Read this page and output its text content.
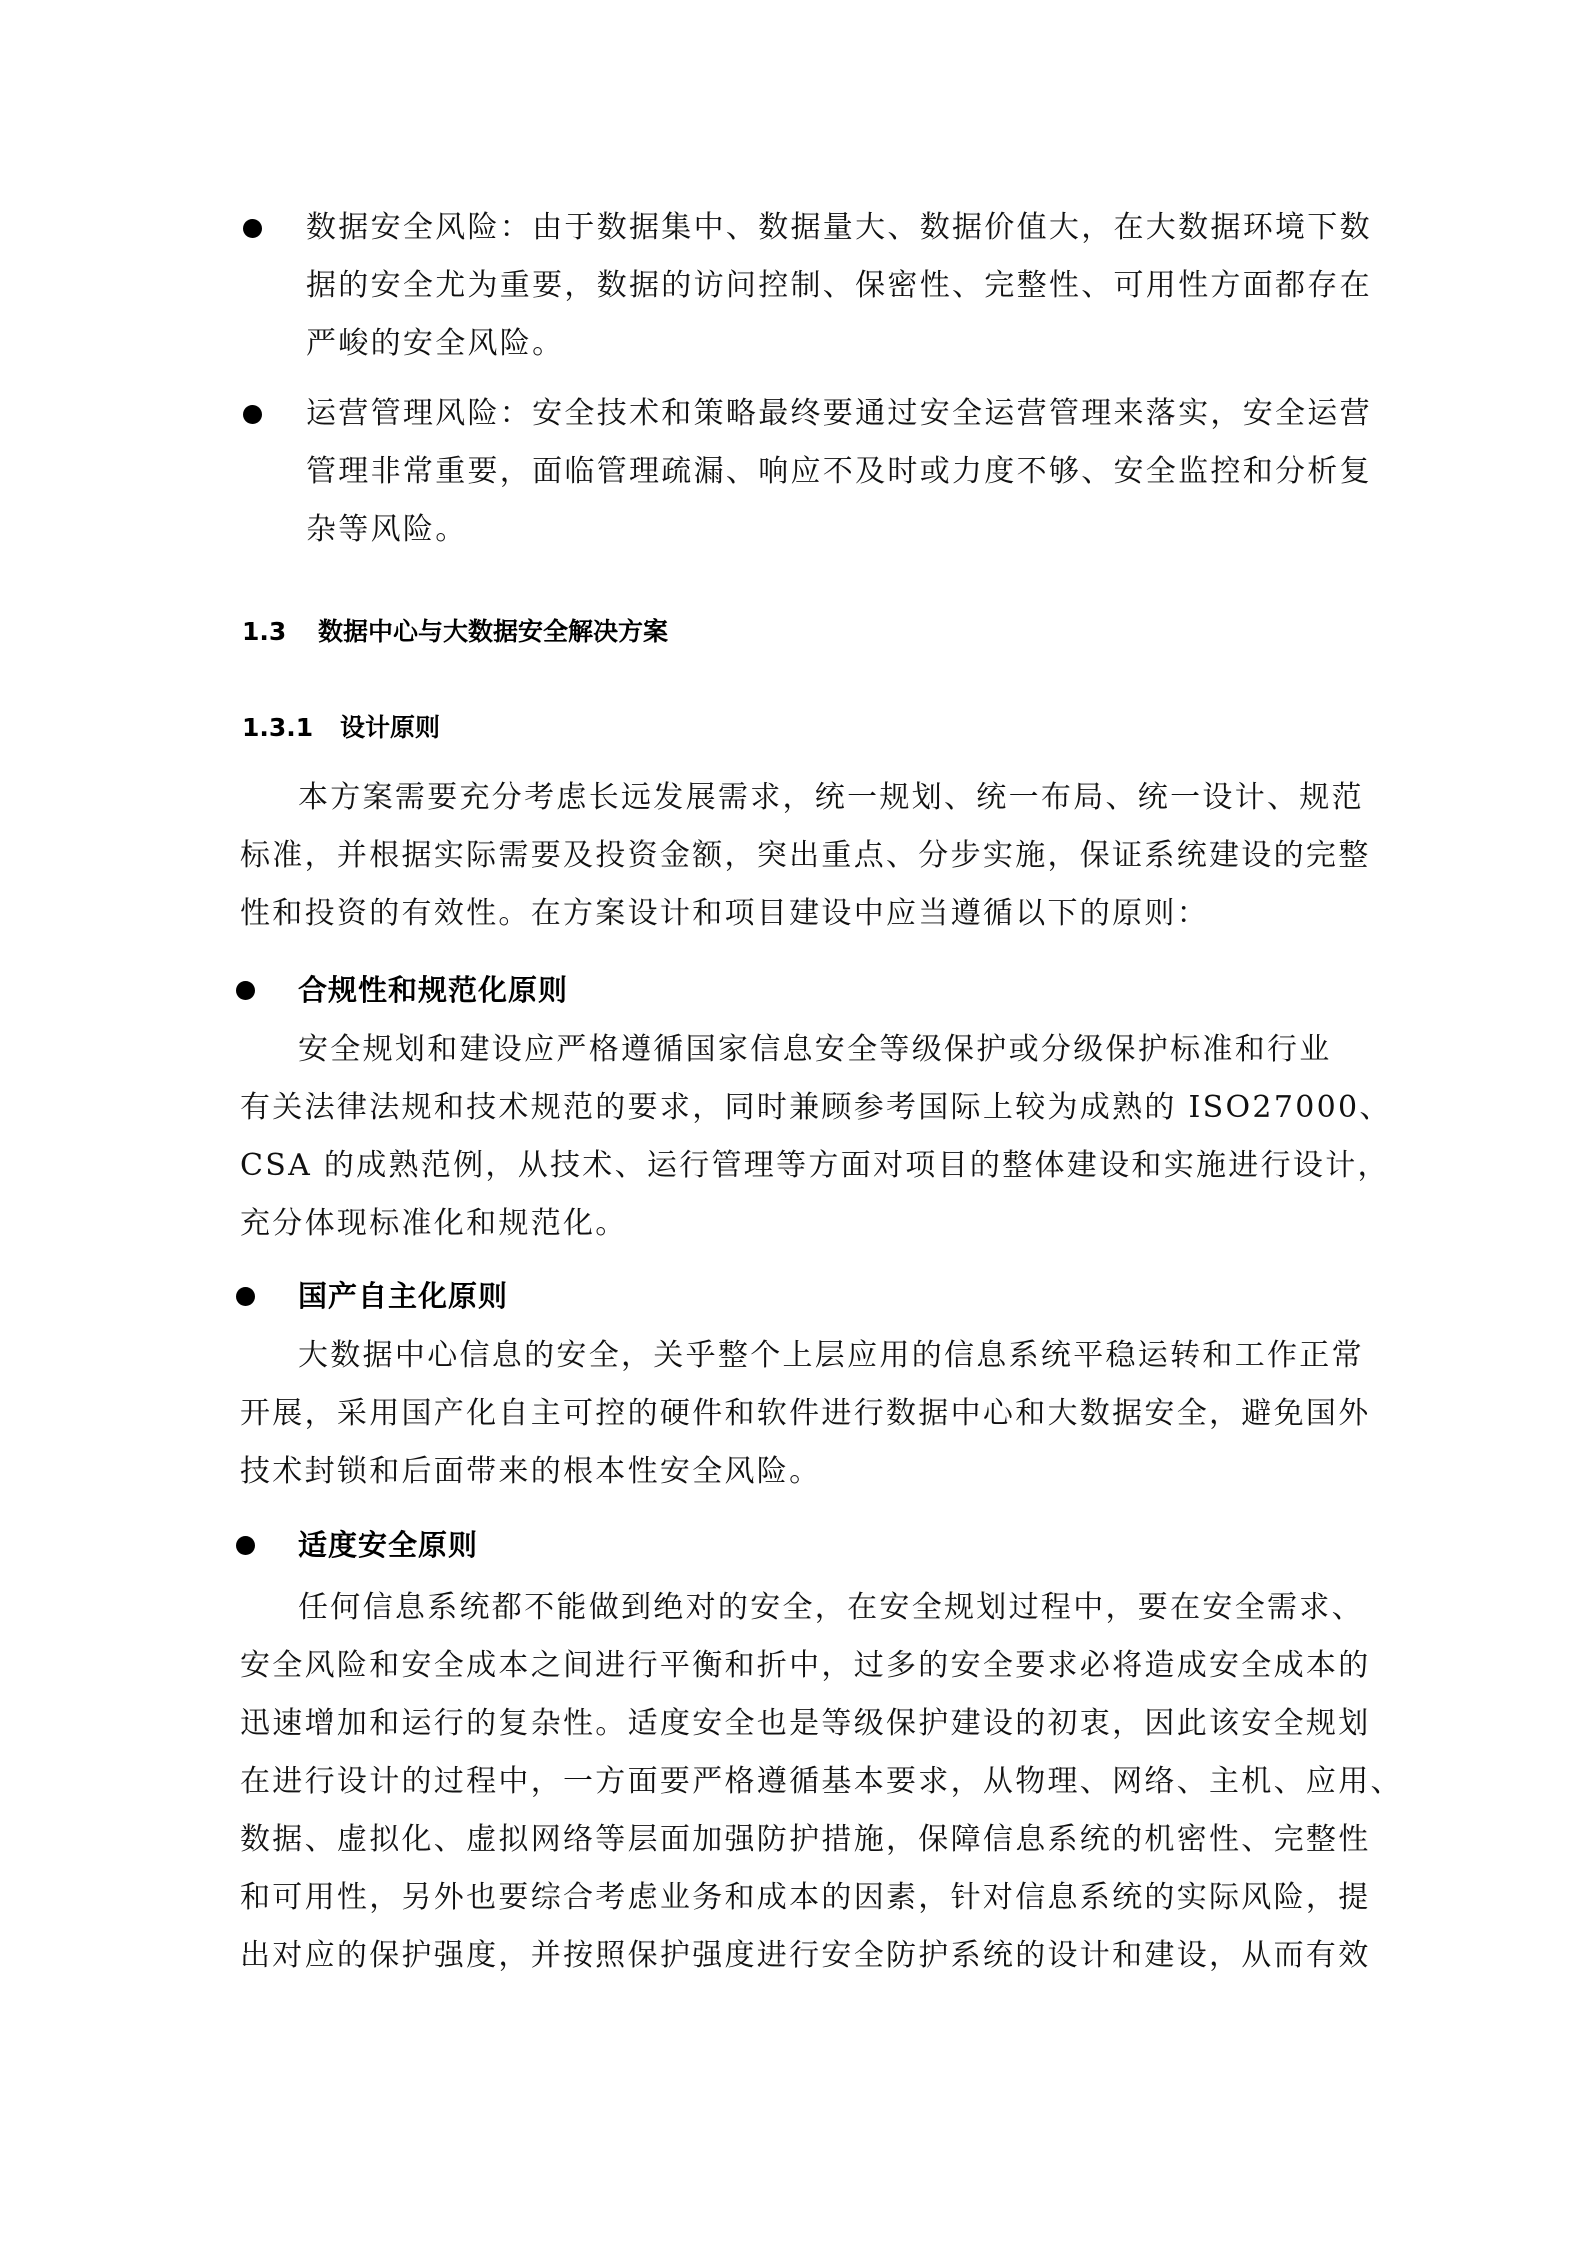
数据安全风险：由于数据集中、数据量大、数据价值大，在大数据环境下数
据的安全尤为重要，数据的访问控制、保密性、完整性、可用性方面都存在
严峻的安全风险。
运营管理风险：安全技术和策略最终要通过安全运营管理来落实，安全运营
管理非常重要，面临管理疏漏、响应不及时或力度不够、安全监控和分析复
杂等风险。
1.3 数据中心与大数据安全解决方案
1.3.1 设计原则
本方案需要充分考虑长远发展需求，统一规划、统一布局、统一设计、规范
标准，并根据实际需要及投资金额，突出重点、分步实施，保证系统建设的完整
性和投资的有效性。在方案设计和项目建设中应当遵循以下的原则：
合规性和规范化原则
安全规划和建设应严格遵循国家信息安全等级保护或分级保护标准和行业
有关法律法规和技术规范的要求，同时兼顾参考国际上较为成熟的 ISO27000、
CSA 的成熟范例，从技术、运行管理等方面对项目的整体建设和实施进行设计，
充分体现标准化和规范化。
国产自主化原则
大数据中心信息的安全，关乎整个上层应用的信息系统平稳运转和工作正常
开展，采用国产化自主可控的硬件和软件进行数据中心和大数据安全，避免国外
技术封锁和后面带来的根本性安全风险。
适度安全原则
任何信息系统都不能做到绝对的安全，在安全规划过程中，要在安全需求、
安全风险和安全成本之间进行平衡和折中，过多的安全要求必将造成安全成本的
迅速增加和运行的复杂性。适度安全也是等级保护建设的初衷，因此该安全规划
在进行设计的过程中，一方面要严格遵循基本要求，从物理、网络、主机、应用、
数据、虚拟化、虚拟网络等层面加强防护措施，保障信息系统的机密性、完整性
和可用性，另外也要综合考虑业务和成本的因素，针对信息系统的实际风险，提
出对应的保护强度，并按照保护强度进行安全防护系统的设计和建设，从而有效
